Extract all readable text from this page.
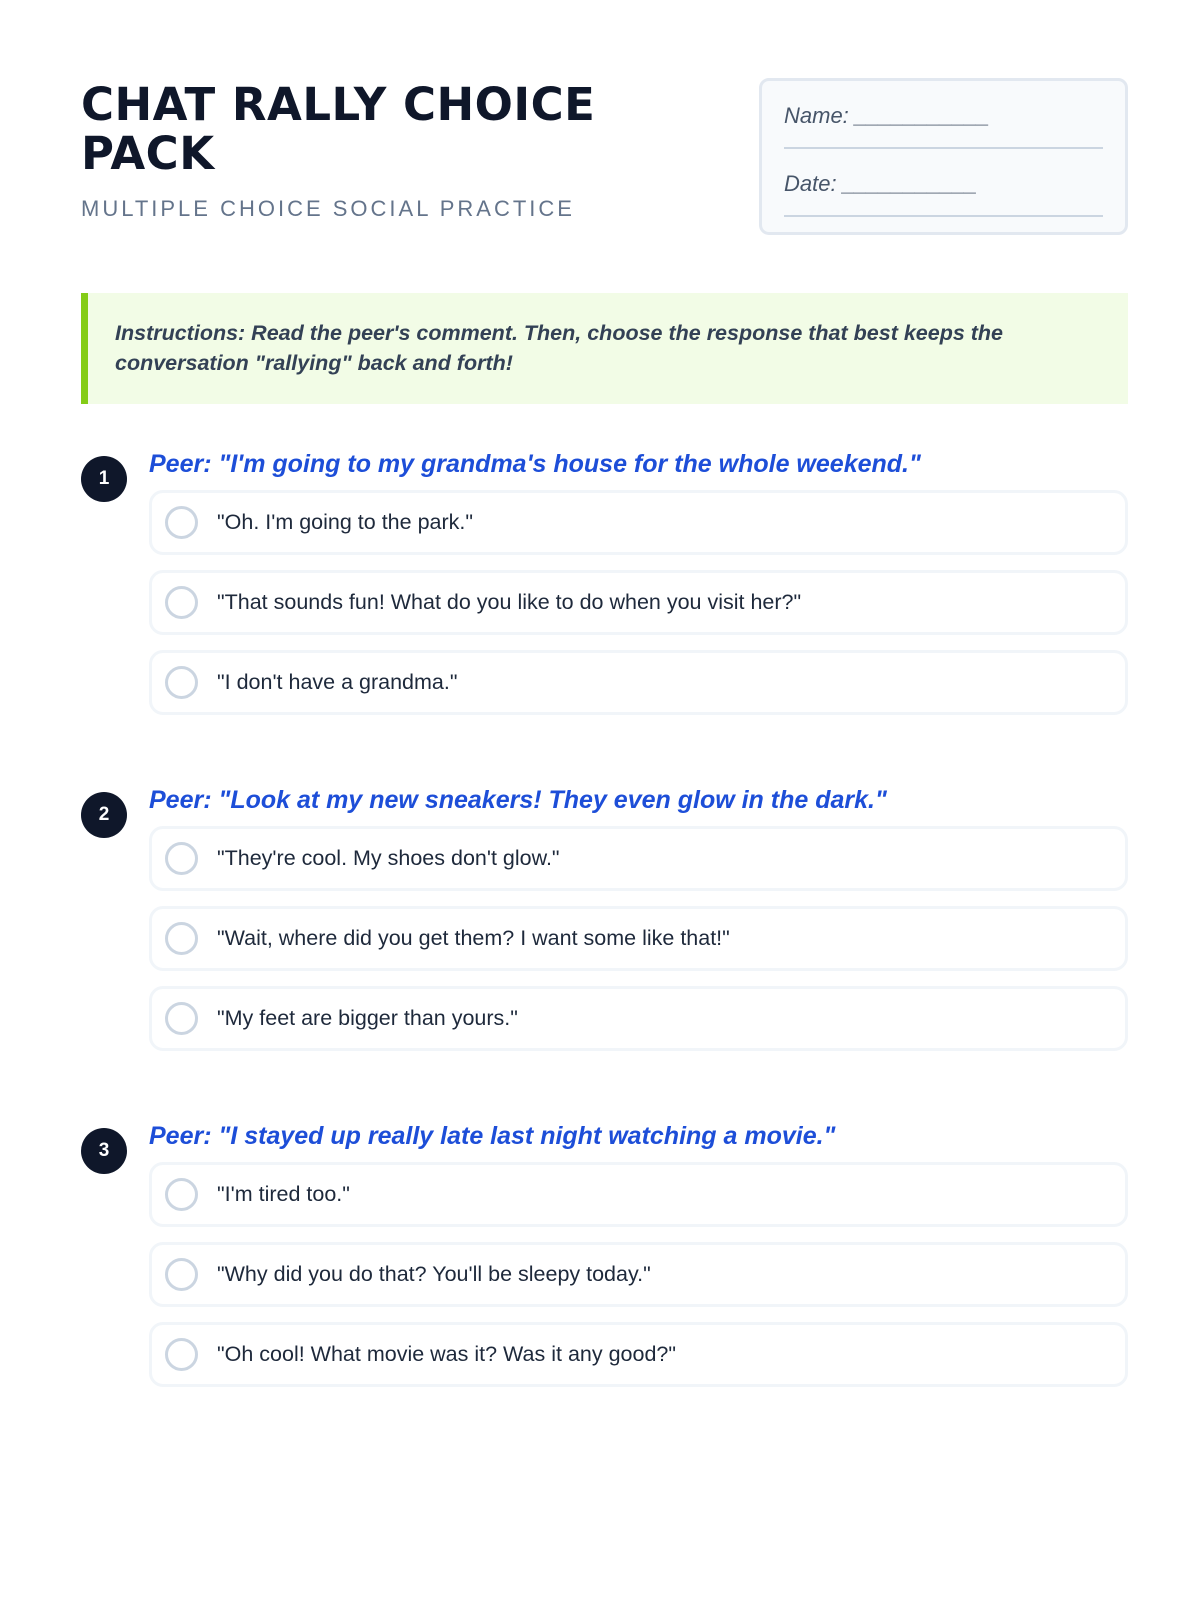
CHAT RALLY CHOICE PACK
MULTIPLE CHOICE SOCIAL PRACTICE
Name: ___________
Date: ___________
Instructions: Read the peer's comment. Then, choose the response that best keeps the conversation "rallying" back and forth!
1
Peer: "I'm going to my grandma's house for the whole weekend."
"Oh. I'm going to the park."
"That sounds fun! What do you like to do when you visit her?"
"I don't have a grandma."
2
Peer: "Look at my new sneakers! They even glow in the dark."
"They're cool. My shoes don't glow."
"Wait, where did you get them? I want some like that!"
"My feet are bigger than yours."
3
Peer: "I stayed up really late last night watching a movie."
"I'm tired too."
"Why did you do that? You'll be sleepy today."
"Oh cool! What movie was it? Was it any good?"
